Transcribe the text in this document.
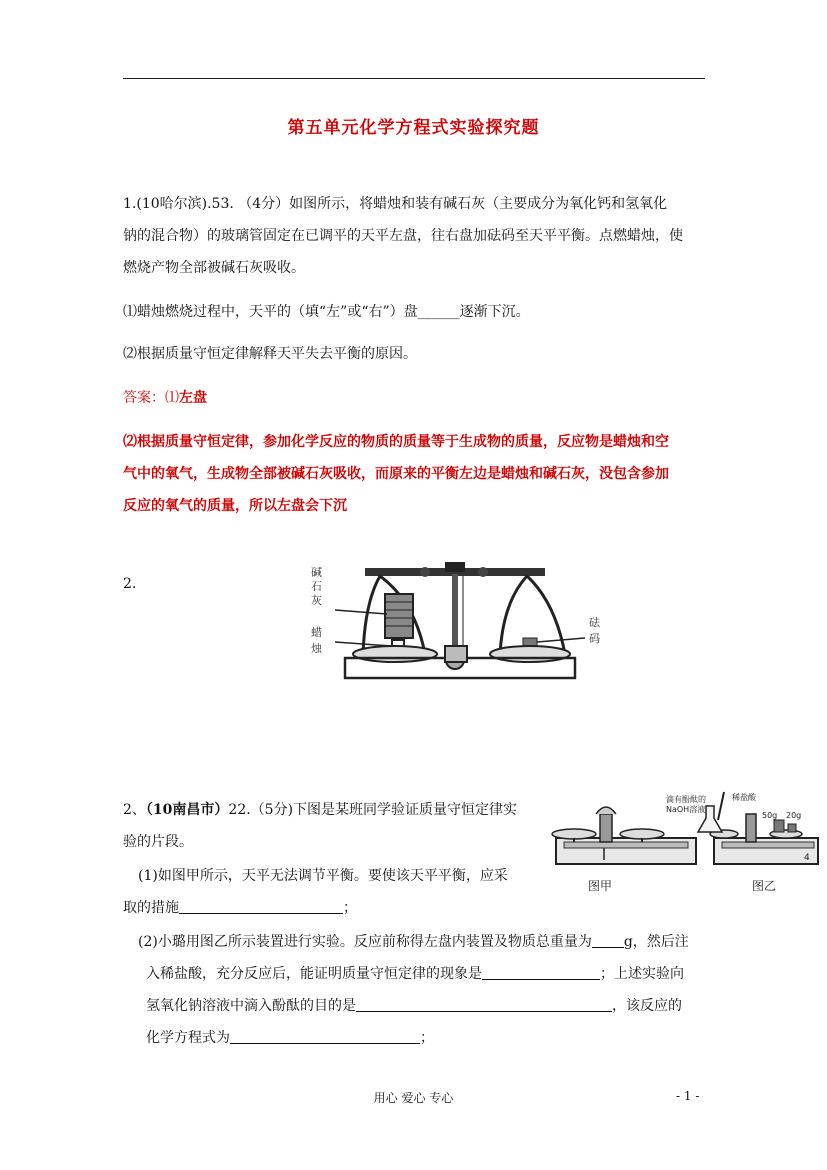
第五单元化学方程式实验探究题
1.(10哈尔滨).53. （4分）如图所示，将蜡烛和装有碱石灰（主要成分为氧化钙和氢氧化
钠的混合物）的玻璃管固定在已调平的天平左盘，往右盘加砝码至天平平衡。点燃蜡烛，使
燃烧产物全部被碱石灰吸收。
⑴蜡烛燃烧过程中，天平的（填“左”或“右”）盘______逐渐下沉。
⑵根据质量守恒定律解释天平失去平衡的原因。
答案：⑴左盘
⑵根据质量守恒定律，参加化学反应的物质的质量等于生成物的质量，反应物是蜡烛和空
气中的氧气，生成物全部被碱石灰吸收，而原来的平衡左边是蜡烛和碱石灰，没包含参加
反应的氧气的质量，所以左盘会下沉
2.
碱
石
灰
蜡
烛
砝
码
2、（10南昌市）22.（5分)下图是某班同学验证质量守恒定律实
验的片段。
(1)如图甲所示，天平无法调节平衡。要使该天平平衡，应采
取的措施	；
(2)小璐用图乙所示装置进行实验。反应前称得左盘内装置及物质总重量为 g，然后注
入稀盐酸，充分反应后，能证明质量守恒定律的现象是	；上述实验向
氢氧化钠溶液中滴入酚酞的目的是	，该反应的
化学方程式为	；
图甲
滴有酚酞的
NaOH溶液
稀盐酸
50g 20g
4
图乙
用心 爱心 专心	- 1 -
